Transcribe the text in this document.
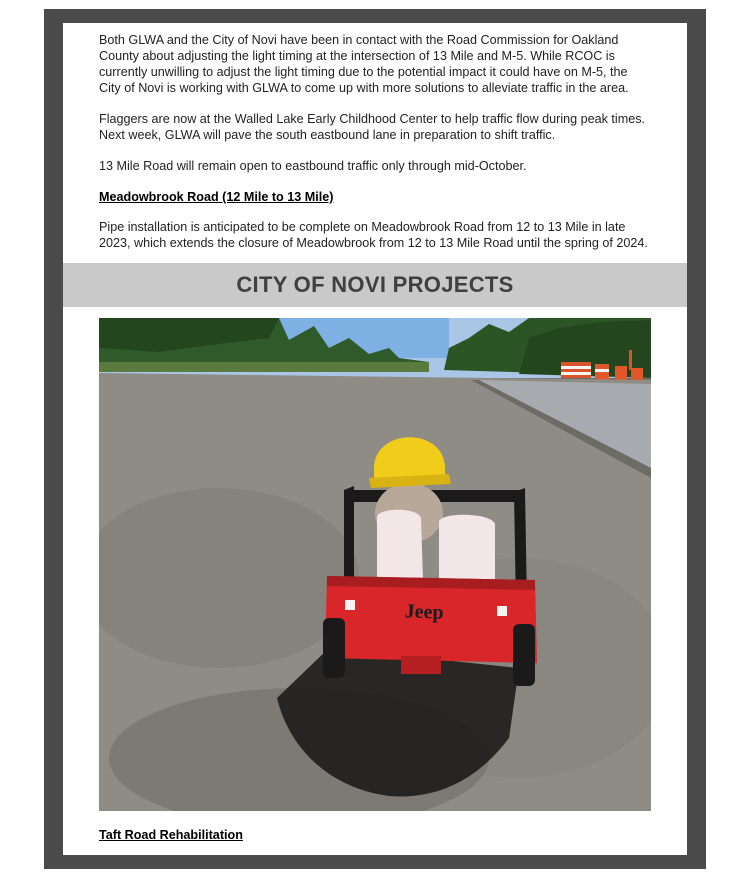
Both GLWA and the City of Novi have been in contact with the Road Commission for Oakland County about adjusting the light timing at the intersection of 13 Mile and M-5. While RCOC is currently unwilling to adjust the light timing due to the potential impact it could have on M-5, the City of Novi is working with GLWA to come up with more solutions to alleviate traffic in the area.

Flaggers are now at the Walled Lake Early Childhood Center to help traffic flow during peak times. Next week, GLWA will pave the south eastbound lane in preparation to shift traffic.

13 Mile Road will remain open to eastbound traffic only through mid-October.

Meadowbrook Road (12 Mile to 13 Mile)

Pipe installation is anticipated to be complete on Meadowbrook Road from 12 to 13 Mile in late 2023, which extends the closure of Meadowbrook from 12 to 13 Mile Road until the spring of 2024.

CITY OF NOVI PROJECTS
Jeep
Taft Road Rehabilitation
